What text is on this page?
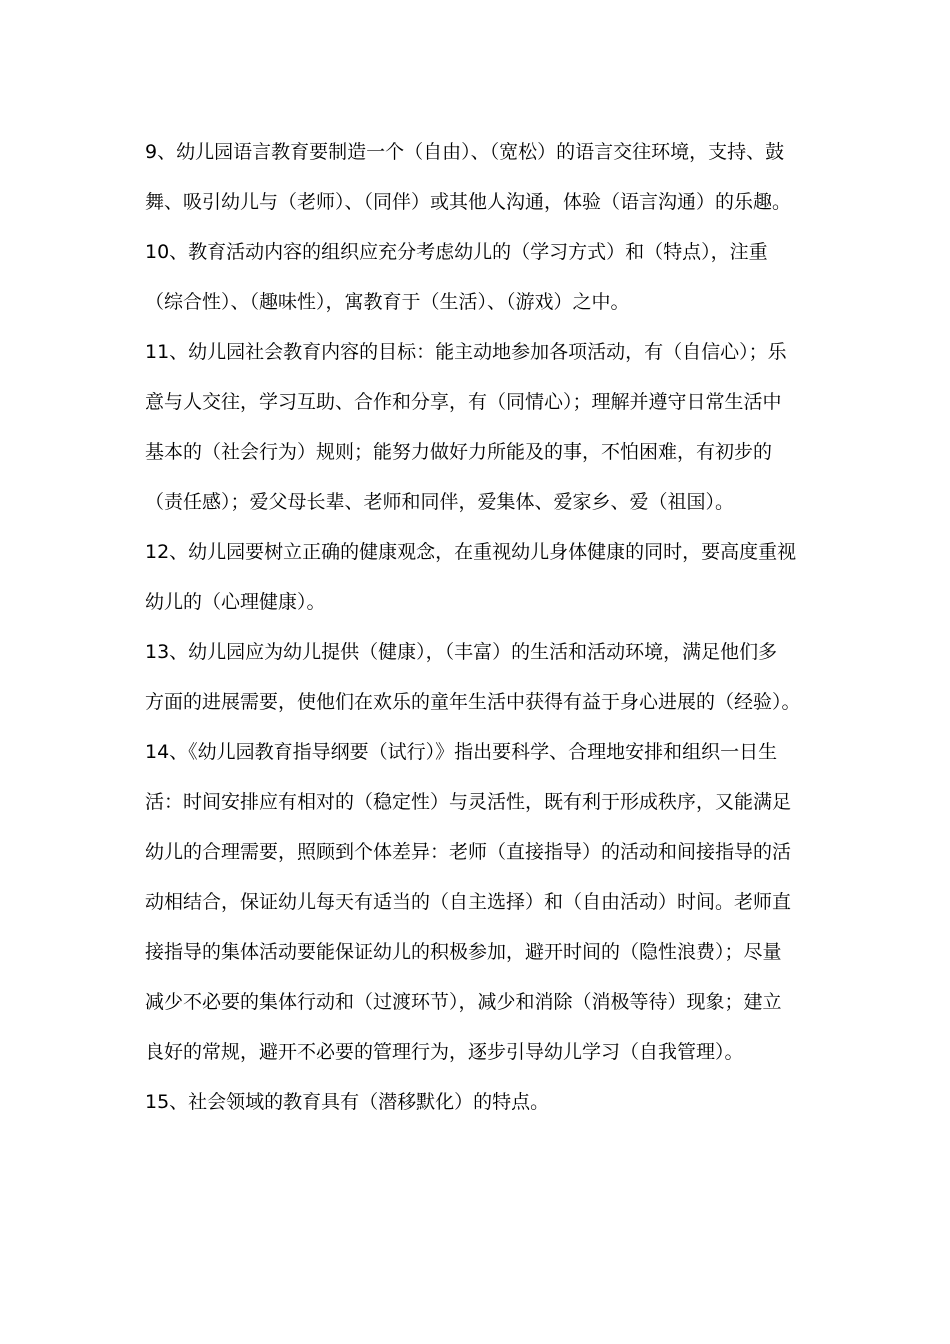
9、幼儿园语言教育要制造一个（自由）、（宽松）的语言交往环境，支持、鼓
舞、吸引幼儿与（老师）、（同伴）或其他人沟通，体验（语言沟通）的乐趣。
10、教育活动内容的组织应充分考虑幼儿的（学习方式）和（特点），注重
（综合性）、（趣味性），寓教育于（生活）、（游戏）之中。
11、幼儿园社会教育内容的目标：能主动地参加各项活动，有（自信心）；乐
意与人交往，学习互助、合作和分享，有（同情心）；理解并遵守日常生活中
基本的（社会行为）规则；能努力做好力所能及的事，不怕困难，有初步的
（责任感）；爱父母长辈、老师和同伴，爱集体、爱家乡、爱（祖国）。
12、幼儿园要树立正确的健康观念，在重视幼儿身体健康的同时，要高度重视
幼儿的（心理健康）。
13、幼儿园应为幼儿提供（健康），（丰富）的生活和活动环境，满足他们多
方面的进展需要，使他们在欢乐的童年生活中获得有益于身心进展的（经验）。
14、《幼儿园教育指导纲要（试行）》指出要科学、合理地安排和组织一日生
活：时间安排应有相对的（稳定性）与灵活性，既有利于形成秩序，又能满足
幼儿的合理需要，照顾到个体差异：老师（直接指导）的活动和间接指导的活
动相结合，保证幼儿每天有适当的（自主选择）和（自由活动）时间。老师直
接指导的集体活动要能保证幼儿的积极参加，避开时间的（隐性浪费）；尽量
减少不必要的集体行动和（过渡环节），减少和消除（消极等待）现象；建立
良好的常规，避开不必要的管理行为，逐步引导幼儿学习（自我管理）。
15、社会领域的教育具有（潜移默化）的特点。
